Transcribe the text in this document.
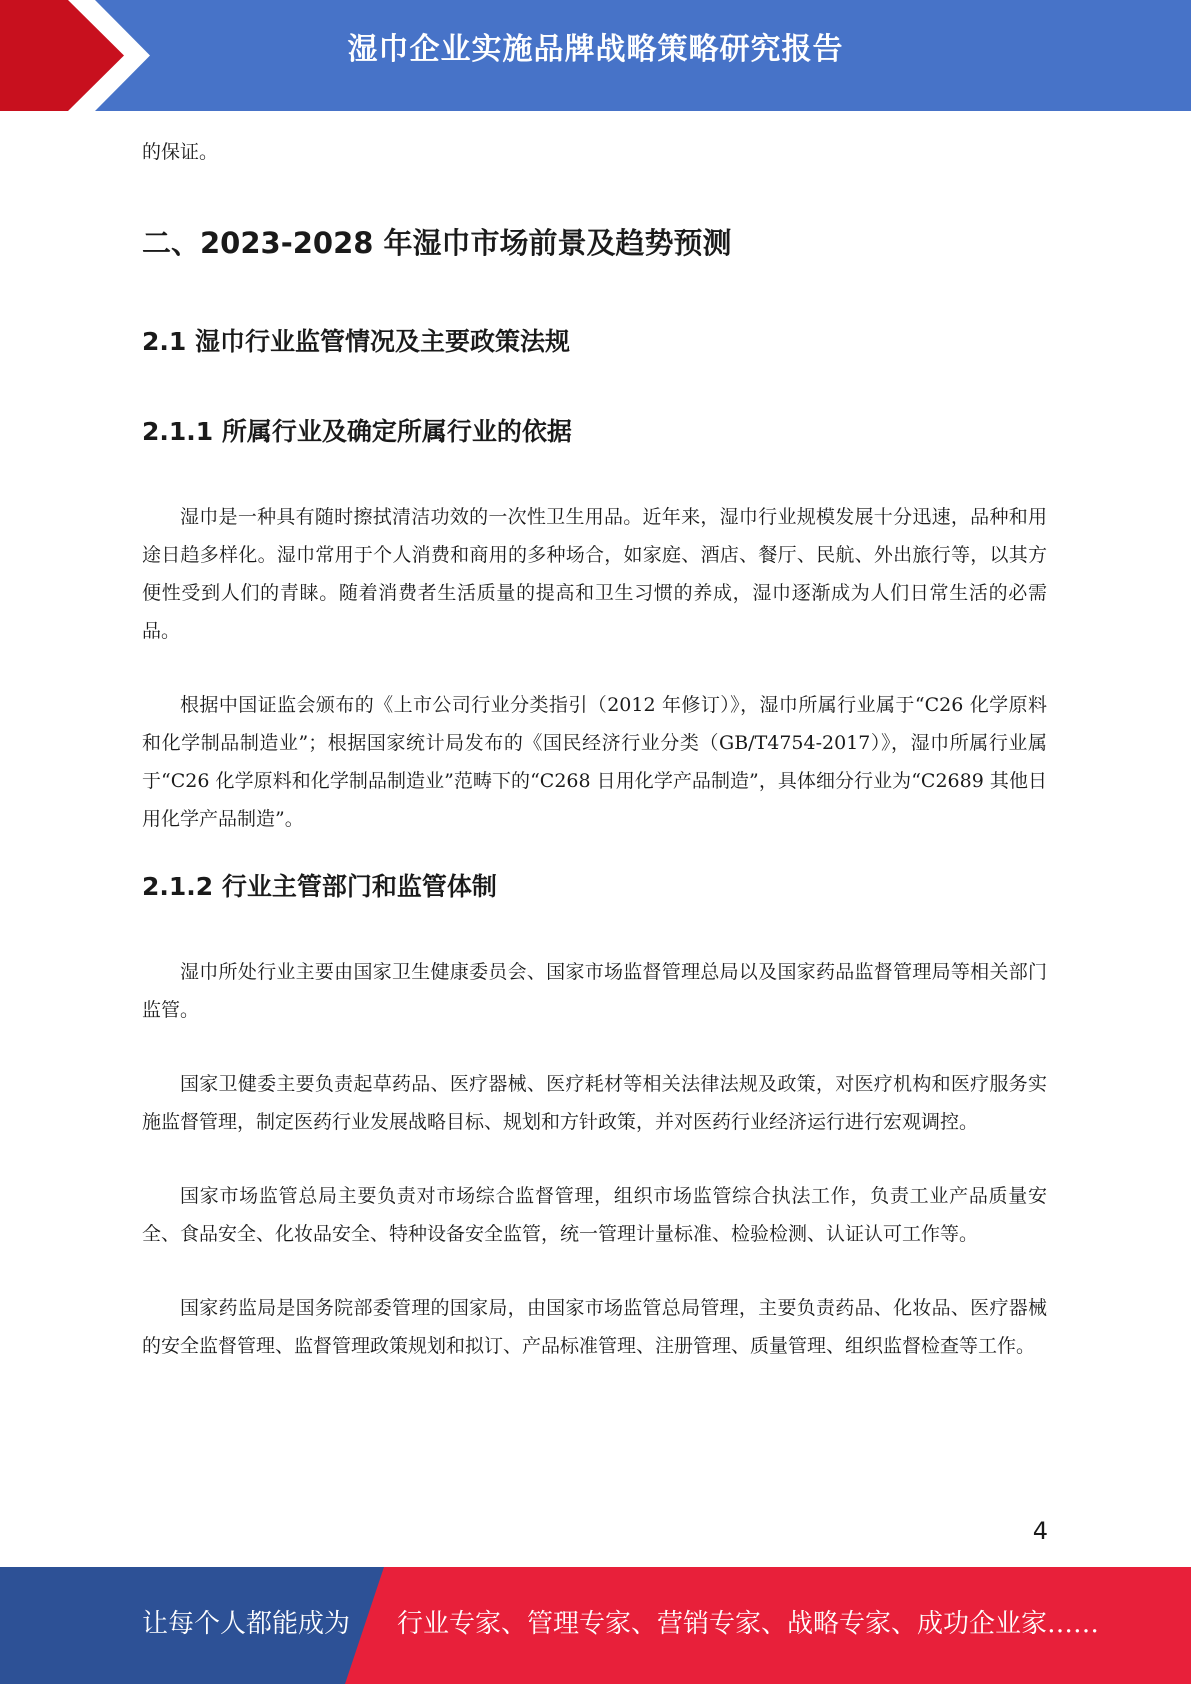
湿巾企业实施品牌战略策略研究报告

的保证。

二、2023-2028 年湿巾市场前景及趋势预测
2.1 湿巾行业监管情况及主要政策法规
2.1.1 所属行业及确定所属行业的依据

湿巾是一种具有随时擦拭清洁功效的一次性卫生用品。近年来，湿巾行业规模发展十分迅速，品种和用途日趋多样化。湿巾常用于个人消费和商用的多种场合，如家庭、酒店、餐厅、民航、外出旅行等，以其方便性受到人们的青睐。随着消费者生活质量的提高和卫生习惯的养成，湿巾逐渐成为人们日常生活的必需品。

根据中国证监会颁布的《上市公司行业分类指引（2012 年修订）》，湿巾所属行业属于“C26 化学原料和化学制品制造业”；根据国家统计局发布的《国民经济行业分类（GB/T4754-2017）》，湿巾所属行业属于“C26 化学原料和化学制品制造业”范畴下的“C268 日用化学产品制造”，具体细分行业为“C2689 其他日用化学产品制造”。

2.1.2 行业主管部门和监管体制

湿巾所处行业主要由国家卫生健康委员会、国家市场监督管理总局以及国家药品监督管理局等相关部门监管。

国家卫健委主要负责起草药品、医疗器械、医疗耗材等相关法律法规及政策，对医疗机构和医疗服务实施监督管理，制定医药行业发展战略目标、规划和方针政策，并对医药行业经济运行进行宏观调控。

国家市场监管总局主要负责对市场综合监督管理，组织市场监管综合执法工作，负责工业产品质量安全、食品安全、化妆品安全、特种设备安全监管，统一管理计量标准、检验检测、认证认可工作等。

国家药监局是国务院部委管理的国家局，由国家市场监管总局管理，主要负责药品、化妆品、医疗器械的安全监督管理、监督管理政策规划和拟订、产品标准管理、注册管理、质量管理、组织监督检查等工作。

4
让每个人都能成为 行业专家、管理专家、营销专家、战略专家、成功企业家……
